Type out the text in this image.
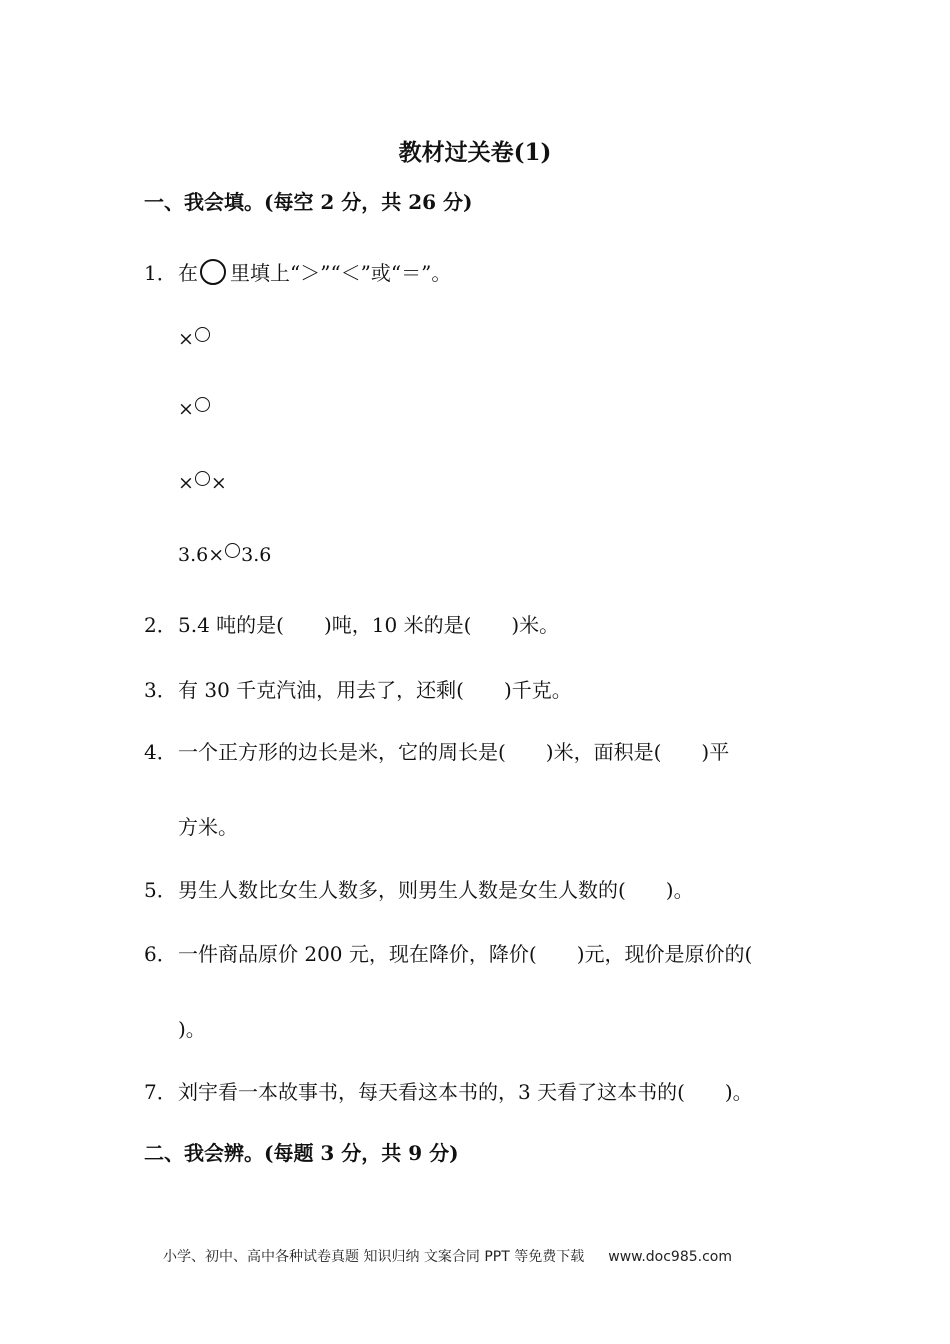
教材过关卷(1)
一、我会填。(每空 2 分，共 26 分)
1．在 里填上“＞”“＜”或“＝”。
×
×
× ×
3.6× 3.6
2．5.4 吨的是(　　)吨，10 米的是(　　)米。
3．有 30 千克汽油，用去了，还剩(　　)千克。
4．一个正方形的边长是米，它的周长是(　　)米，面积是(　　)平
方米。
5．男生人数比女生人数多，则男生人数是女生人数的(　　)。
6．一件商品原价 200 元，现在降价，降价(　　)元，现价是原价的(
)。
7．刘宇看一本故事书，每天看这本书的，3 天看了这本书的(　　)。
二、我会辨。(每题 3 分，共 9 分)
小学、初中、高中各种试卷真题 知识归纳 文案合同 PPT 等免费下载 www.doc985.com
